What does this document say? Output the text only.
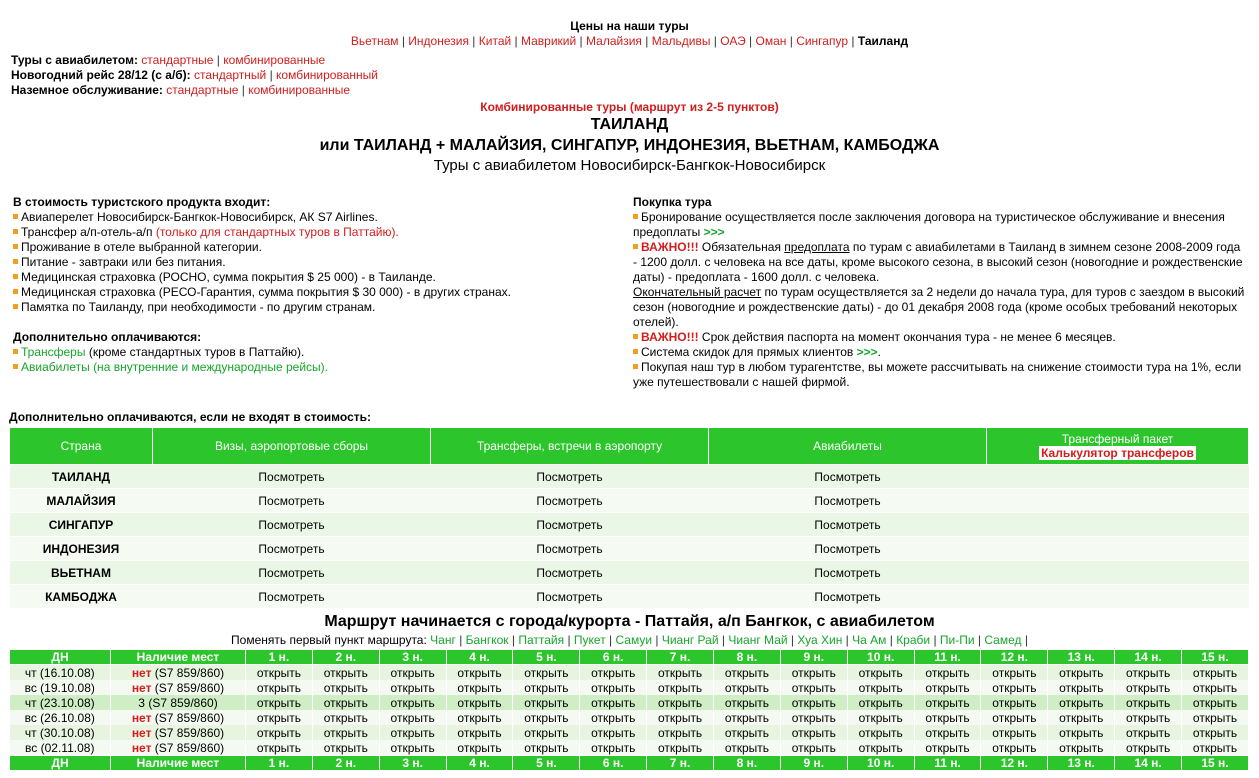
Цены на наши туры
Вьетнам | Индонезия | Китай | Маврикий | Малайзия | Мальдивы | ОАЭ | Оман | Сингапур | Таиланд
Туры с авиабилетом: стандартные | комбинированные
Новогодний рейс 28/12 (с а/б): стандартный | комбинированный
Наземное обслуживание: стандартные | комбинированные
Комбинированные туры (маршрут из 2-5 пунктов)
ТАИЛАНД
или ТАИЛАНД + МАЛАЙЗИЯ, СИНГАПУР, ИНДОНЕЗИЯ, ВЬЕТНАМ, КАМБОДЖА
Туры с авиабилетом Новосибирск-Бангкок-Новосибирск
В стоимость туристского продукта входит:
Авиаперелет Новосибирск-Бангкок-Новосибирск, АК S7 Airlines.
Трансфер а/п-отель-а/п (только для стандартных туров в Паттайю).
Проживание в отеле выбранной категории.
Питание - завтраки или без питания.
Медицинская страховка (РОСНО, сумма покрытия $ 25 000) - в Таиланде.
Медицинская страховка (РЕСО-Гарантия, сумма покрытия $ 30 000) - в других странах.
Памятка по Таиланду, при необходимости - по другим странам.
Дополнительно оплачиваются:
Трансферы (кроме стандартных туров в Паттайю).
Авиабилеты (на внутренние и международные рейсы).
Покупка тура
Бронирование осуществляется после заключения договора на туристическое обслуживание и внесения предоплаты >>>
ВАЖНО!!! Обязательная предоплата по турам с авиабилетами в Таиланд в зимнем сезоне 2008-2009 года - 1200 долл. с человека на все даты, кроме высокого сезона, в высокий сезон (новогодние и рождественские даты) - предоплата - 1600 долл. с человека.
Окончательный расчет по турам осуществляется за 2 недели до начала тура, для туров с заездом в высокий сезон (новогодние и рождественские даты) - до 01 декабря 2008 года (кроме особых требований некоторых отелей).
ВАЖНО!!! Срок действия паспорта на момент окончания тура - не менее 6 месяцев.
Система скидок для прямых клиентов >>>.
Покупая наш тур в любом турагентстве, вы можете рассчитывать на снижение стоимости тура на 1%, если уже путешествовали с нашей фирмой.
Дополнительно оплачиваются, если не входят в стоимость:
Страна	Визы, аэропортовые сборы	Трансферы, встречи в аэропорту	Авиабилеты	Трансферный пакет
Калькулятор трансферов
ТАИЛАНД	Посмотреть	Посмотреть	Посмотреть	
МАЛАЙЗИЯ	Посмотреть	Посмотреть	Посмотреть	
СИНГАПУР	Посмотреть	Посмотреть	Посмотреть	
ИНДОНЕЗИЯ	Посмотреть	Посмотреть	Посмотреть	
ВЬЕТНАМ	Посмотреть	Посмотреть	Посмотреть	
КАМБОДЖА	Посмотреть	Посмотреть	Посмотреть	
Маршрут начинается с города/курорта - Паттайя, а/п Бангкок, с авиабилетом
Поменять первый пункт маршрута: Чанг | Бангкок | Паттайя | Пукет | Самуи | Чианг Рай | Чианг Май | Хуа Хин | Ча Ам | Краби | Пи-Пи | Самед |
ДН	Наличие мест	1 н.	2 н.	3 н.	4 н.	5 н.	6 н.	7 н.	8 н.	9 н.	10 н.	11 н.	12 н.	13 н.	14 н.	15 н.
чт (16.10.08)	нет (S7 859/860)	открыть	открыть	открыть	открыть	открыть	открыть	открыть	открыть	открыть	открыть	открыть	открыть	открыть	открыть	открыть
вс (19.10.08)	нет (S7 859/860)	открыть	открыть	открыть	открыть	открыть	открыть	открыть	открыть	открыть	открыть	открыть	открыть	открыть	открыть	открыть
чт (23.10.08)	3 (S7 859/860)	открыть	открыть	открыть	открыть	открыть	открыть	открыть	открыть	открыть	открыть	открыть	открыть	открыть	открыть	открыть
вс (26.10.08)	нет (S7 859/860)	открыть	открыть	открыть	открыть	открыть	открыть	открыть	открыть	открыть	открыть	открыть	открыть	открыть	открыть	открыть
чт (30.10.08)	нет (S7 859/860)	открыть	открыть	открыть	открыть	открыть	открыть	открыть	открыть	открыть	открыть	открыть	открыть	открыть	открыть	открыть
вс (02.11.08)	нет (S7 859/860)	открыть	открыть	открыть	открыть	открыть	открыть	открыть	открыть	открыть	открыть	открыть	открыть	открыть	открыть	открыть
ДН	Наличие мест	1 н.	2 н.	3 н.	4 н.	5 н.	6 н.	7 н.	8 н.	9 н.	10 н.	11 н.	12 н.	13 н.	14 н.	15 н.
